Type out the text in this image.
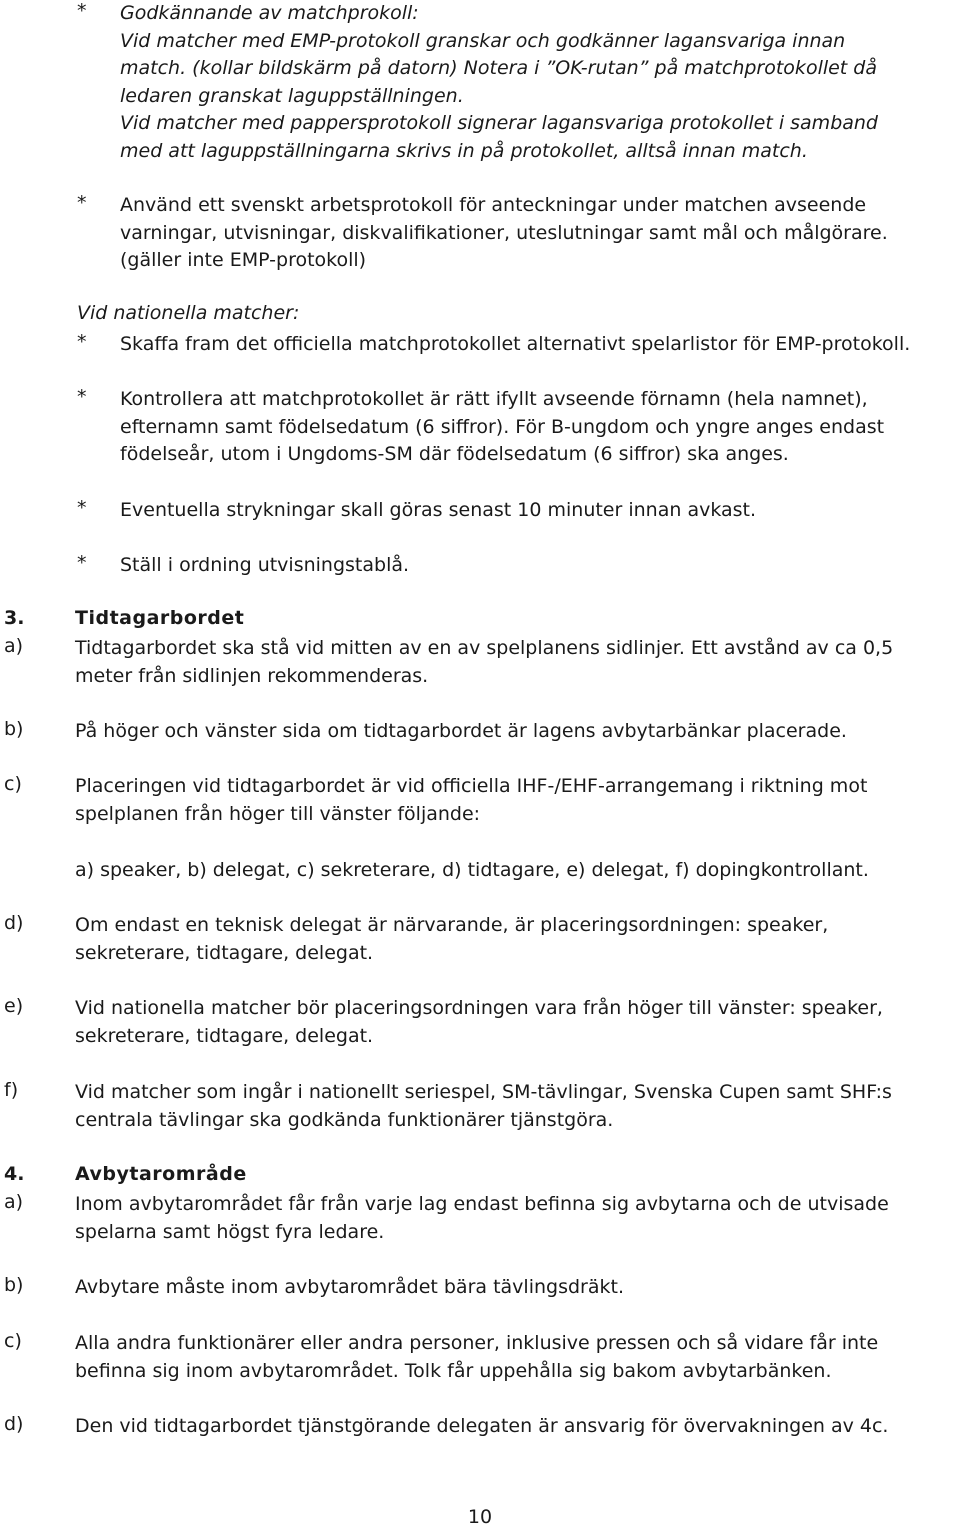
* Godkännande av matchprokoll:
Vid matcher med EMP-protokoll granskar och godkänner lagansvariga innan
match. (kollar bildskärm på datorn) Notera i ”OK-rutan” på matchprotokollet då
ledaren granskat laguppställningen.
Vid matcher med pappersprotokoll signerar lagansvariga protokollet i samband
med att laguppställningarna skrivs in på protokollet, alltså innan match.
* Använd ett svenskt arbetsprotokoll för anteckningar under matchen avseende
varningar, utvisningar, diskvalifikationer, uteslutningar samt mål och målgörare.
(gäller inte EMP-protokoll)
Vid nationella matcher:
* Skaffa fram det officiella matchprotokollet alternativt spelarlistor för EMP-protokoll.
* Kontrollera att matchprotokollet är rätt ifyllt avseende förnamn (hela namnet),
efternamn samt födelsedatum (6 siffror). För B-ungdom och yngre anges endast
födelseår, utom i Ungdoms-SM där födelsedatum (6 siffror) ska anges.
* Eventuella strykningar skall göras senast 10 minuter innan avkast.
* Ställ i ordning utvisningstablå.
3.	Tidtagarbordet
a)	Tidtagarbordet ska stå vid mitten av en av spelplanens sidlinjer. Ett avstånd av ca 0,5
meter från sidlinjen rekommenderas.
b)	På höger och vänster sida om tidtagarbordet är lagens avbytarbänkar placerade.
c)	Placeringen vid tidtagarbordet är vid officiella IHF-/EHF-arrangemang i riktning mot
spelplanen från höger till vänster följande:
a) speaker, b) delegat, c) sekreterare, d) tidtagare, e) delegat, f) dopingkontrollant.
d)	Om endast en teknisk delegat är närvarande, är placeringsordningen: speaker,
sekreterare, tidtagare, delegat.
e)	Vid nationella matcher bör placeringsordningen vara från höger till vänster: speaker,
sekreterare, tidtagare, delegat.
f)	Vid matcher som ingår i nationellt seriespel, SM-tävlingar, Svenska Cupen samt SHF:s
centrala tävlingar ska godkända funktionärer tjänstgöra.
4.	Avbytarområde
a)	Inom avbytarområdet får från varje lag endast befinna sig avbytarna och de utvisade
spelarna samt högst fyra ledare.
b)	Avbytare måste inom avbytarområdet bära tävlingsdräkt.
c)	Alla andra funktionärer eller andra personer, inklusive pressen och så vidare får inte
befinna sig inom avbytarområdet. Tolk får uppehålla sig bakom avbytarbänken.
d)	Den vid tidtagarbordet tjänstgörande delegaten är ansvarig för övervakningen av 4c.
10
